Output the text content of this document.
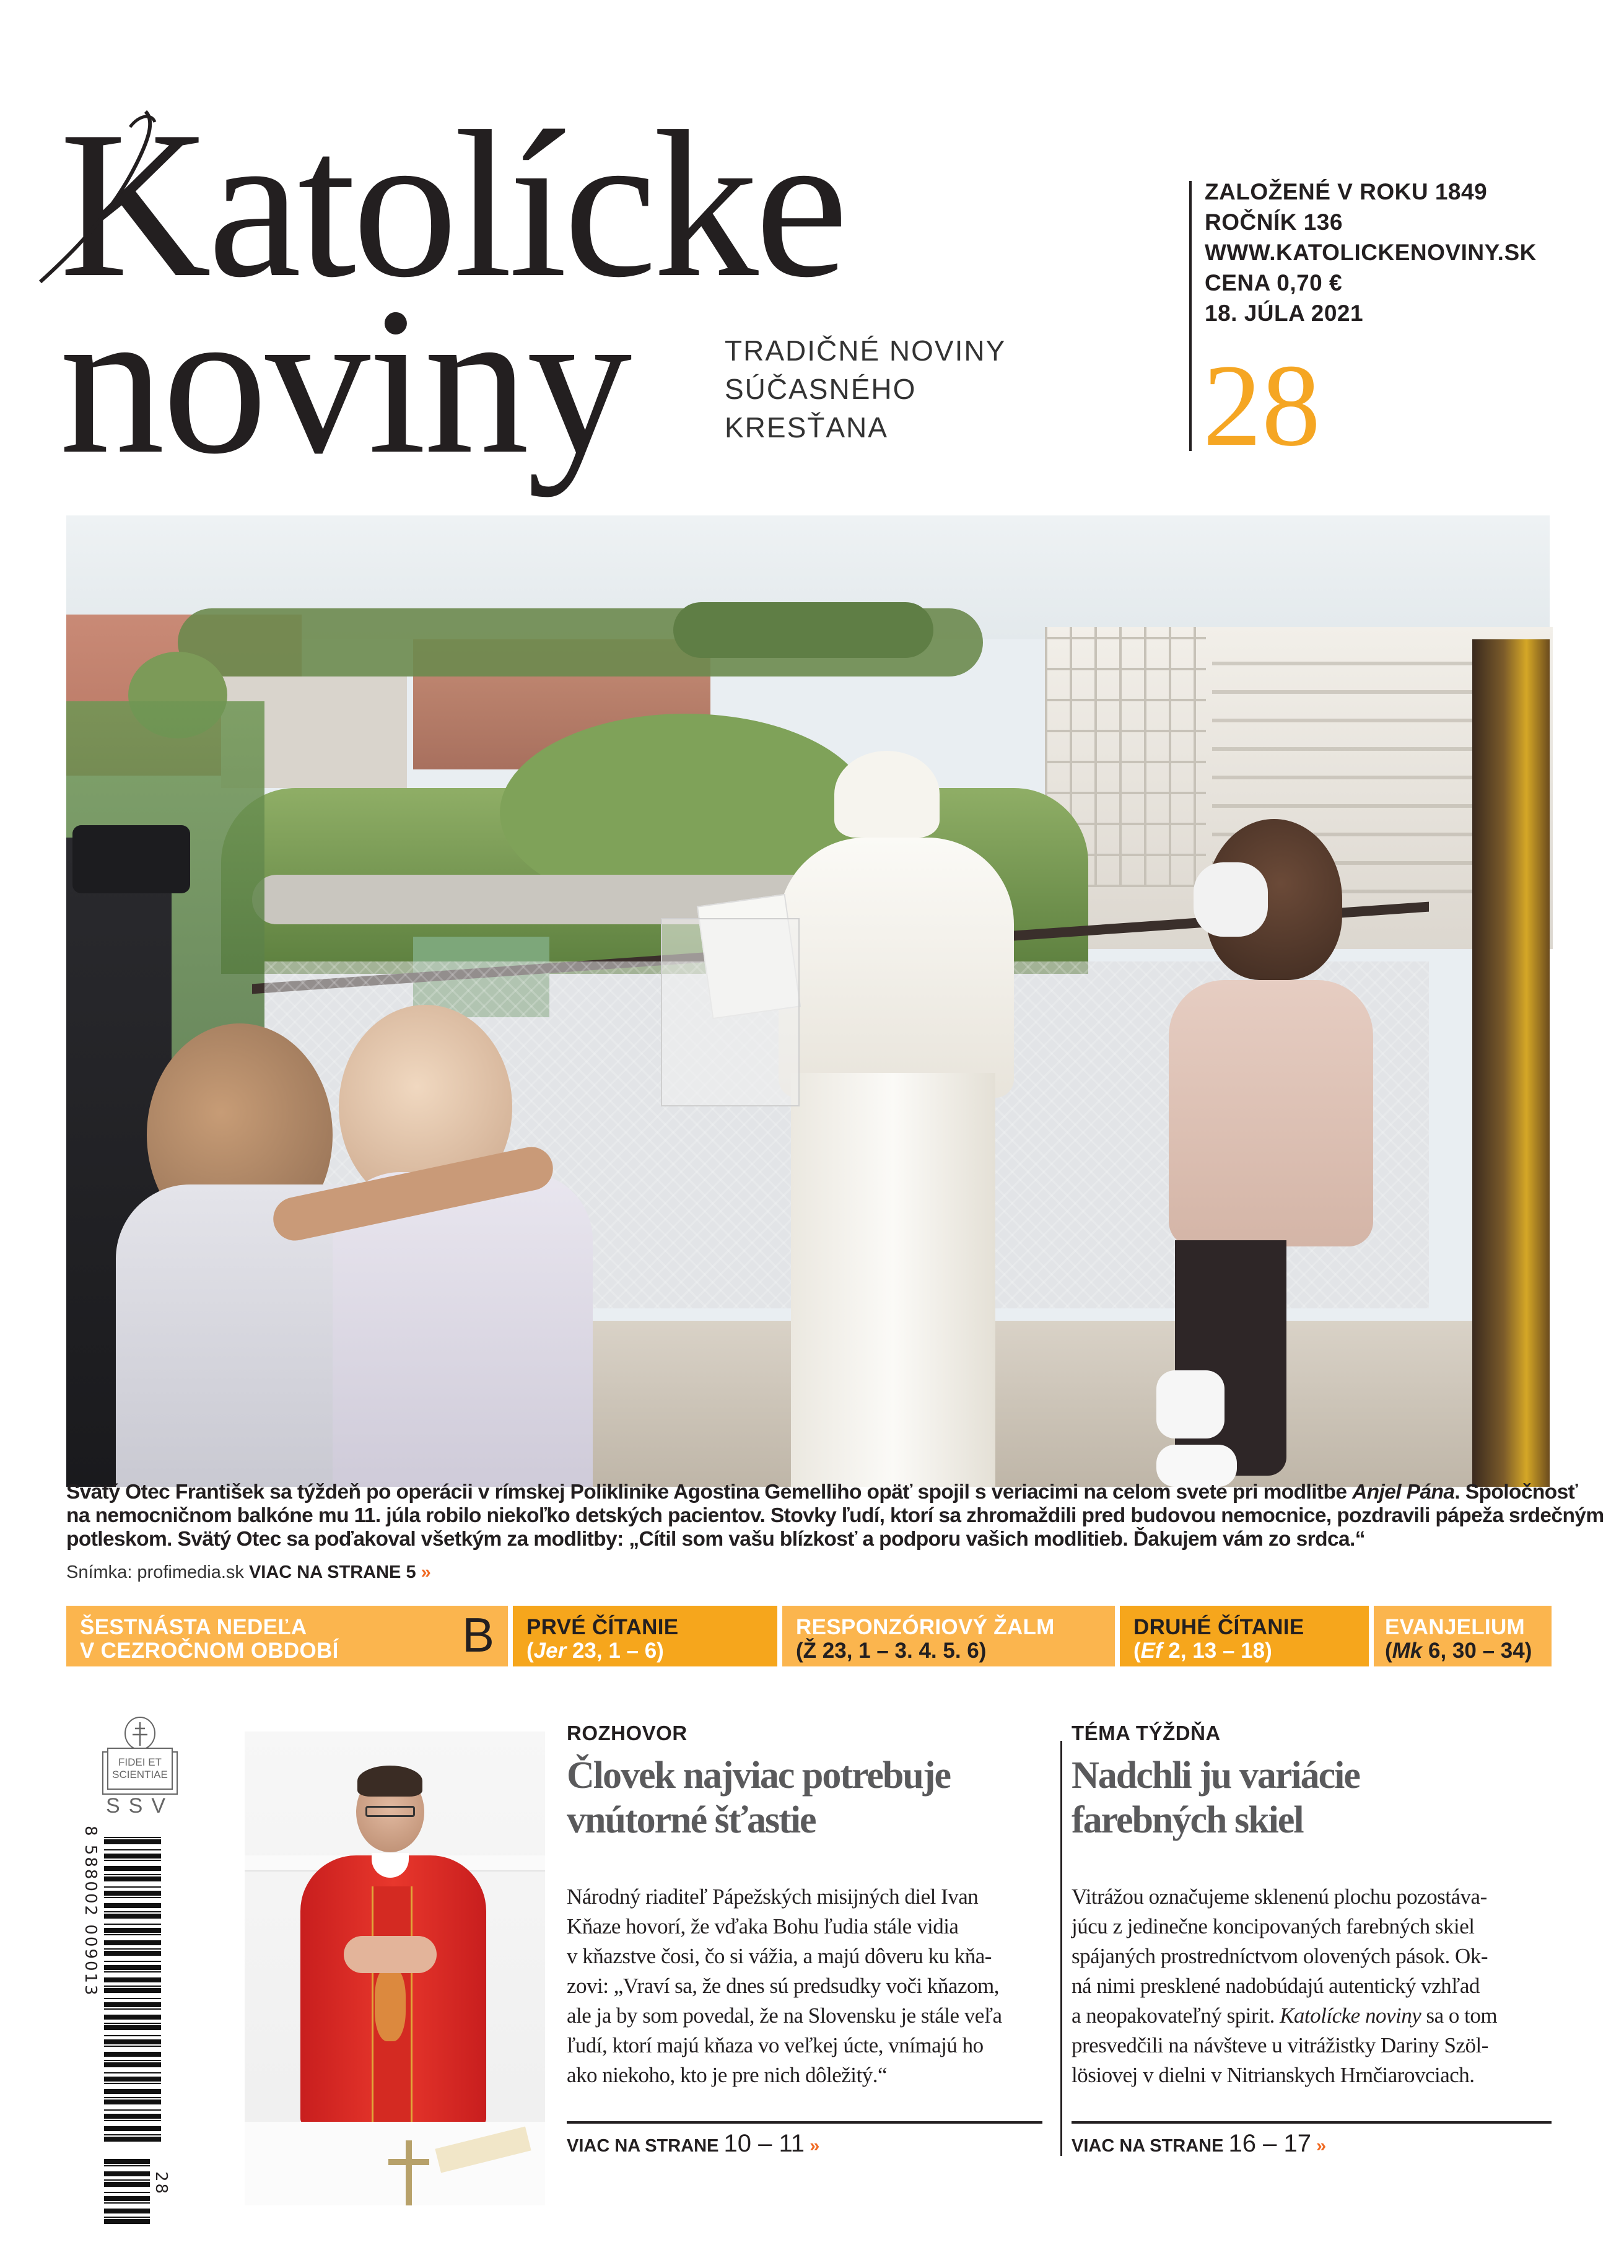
Katolícke
noviny	TRADIČNÉ NOVINY
SÚČASNÉHO
KRESŤANA
ZALOŽENÉ V ROKU 1849
ROČNÍK 136
WWW.KATOLICKENOVINY.SK
CENA 0,70 €
18. JÚLA 2021
28
Svätý Otec František sa týždeň po operácii v rímskej Poliklinike Agostina Gemelliho opäť spojil s veriacimi na celom svete pri modlitbe Anjel Pána. Spoločnosť
na nemocničnom balkóne mu 11. júla robilo niekoľko detských pacientov. Stovky ľudí, ktorí sa zhromaždili pred budovou nemocnice, pozdravili pápeža srdečným
potleskom. Svätý Otec sa poďakoval všetkým za modlitby: „Cítil som vašu blízkosť a podporu vašich modlitieb. Ďakujem vám zo srdca.“
Snímka: profimedia.sk VIAC NA STRANE 5 »
ŠESTNÁSTA NEDEĽA
V CEZROČNOM OBDOBÍ	B PRVÉ ČÍTANIE
(Jer 23, 1 – 6)
RESPONZÓRIOVÝ ŽALM
(Ž 23, 1 – 3. 4. 5. 6)
DRUHÉ ČÍTANIE
(Ef 2, 13 – 18)
EVANJELIUM
(Mk 6, 30 – 34)
FIDEI ET
SCIENTIAE
SSV
8 588002 009013
28
ROZHOVOR
Človek najviac potrebuje
vnútorné šťastie
Národný riaditeľ Pápežských misijných diel Ivan
Kňaze hovorí, že vďaka Bohu ľudia stále vidia
v kňazstve čosi, čo si vážia, a majú dôveru ku kňa-
zovi: „Vraví sa, že dnes sú predsudky voči kňazom,
ale ja by som povedal, že na Slovensku je stále veľa
ľudí, ktorí majú kňaza vo veľkej úcte, vnímajú ho
ako niekoho, kto je pre nich dôležitý.“
VIAC NA STRANE 10 – 11 »
TÉMA TÝŽDŇA
Nadchli ju variácie
farebných skiel
Vitrážou označujeme sklenenú plochu pozostáva-
júcu z jedinečne koncipovaných farebných skiel
spájaných prostredníctvom olovených pások. Ok-
ná nimi presklené nadobúdajú autentický vzhľad
a neopakovateľný spirit. Katolícke noviny sa o tom
presvedčili na návšteve u vitrážistky Dariny Szöl-
lösiovej v dielni v Nitrianskych Hrnčiarovciach.
VIAC NA STRANE 16 – 17 »
